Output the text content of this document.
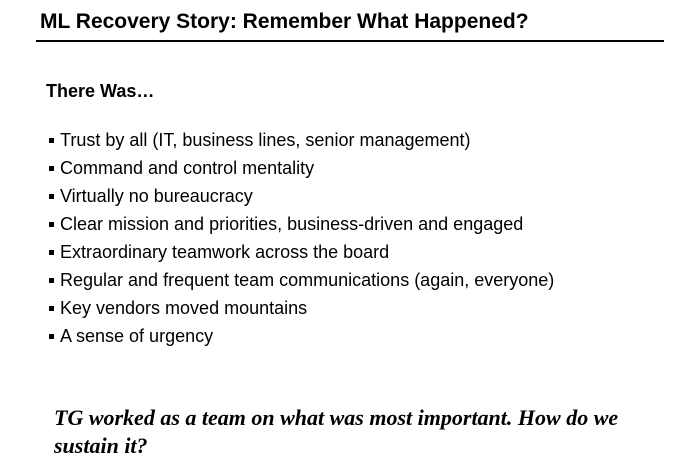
ML Recovery Story: Remember What Happened?
There Was…
Trust by all (IT, business lines, senior management)
Command and control mentality
Virtually no bureaucracy
Clear mission and priorities, business-driven and engaged
Extraordinary teamwork across the board
Regular and frequent team communications (again, everyone)
Key vendors moved mountains
A sense of urgency

TG worked as a team on what was most important. How do we sustain it?
